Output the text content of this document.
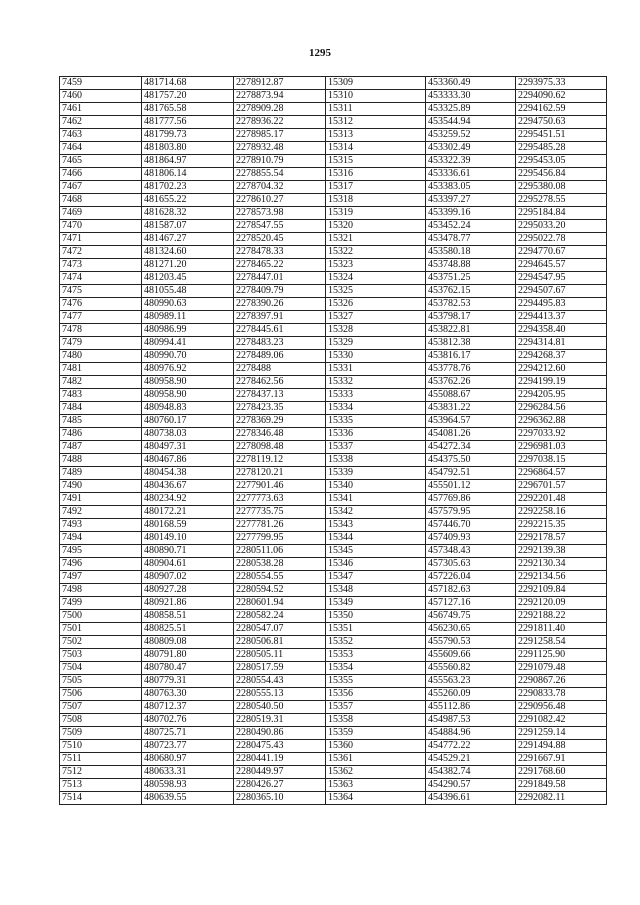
1295
7459	481714.68	2278912.87	15309	453360.49	2293975.33
7460	481757.20	2278873.94	15310	453333.30	2294090.62
7461	481765.58	2278909.28	15311	453325.89	2294162.59
7462	481777.56	2278936.22	15312	453544.94	2294750.63
7463	481799.73	2278985.17	15313	453259.52	2295451.51
7464	481803.80	2278932.48	15314	453302.49	2295485.28
7465	481864.97	2278910.79	15315	453322.39	2295453.05
7466	481806.14	2278855.54	15316	453336.61	2295456.84
7467	481702.23	2278704.32	15317	453383.05	2295380.08
7468	481655.22	2278610.27	15318	453397.27	2295278.55
7469	481628.32	2278573.98	15319	453399.16	2295184.84
7470	481587.07	2278547.55	15320	453452.24	2295033.20
7471	481467.27	2278520.45	15321	453478.77	2295022.78
7472	481324.60	2278478.33	15322	453580.18	2294770.67
7473	481271.20	2278465.22	15323	453748.88	2294645.57
7474	481203.45	2278447.01	15324	453751.25	2294547.95
7475	481055.48	2278409.79	15325	453762.15	2294507.67
7476	480990.63	2278390.26	15326	453782.53	2294495.83
7477	480989.11	2278397.91	15327	453798.17	2294413.37
7478	480986.99	2278445.61	15328	453822.81	2294358.40
7479	480994.41	2278483.23	15329	453812.38	2294314.81
7480	480990.70	2278489.06	15330	453816.17	2294268.37
7481	480976.92	2278488	15331	453778.76	2294212.60
7482	480958.90	2278462.56	15332	453762.26	2294199.19
7483	480958.90	2278437.13	15333	455088.67	2294205.95
7484	480948.83	2278423.35	15334	453831.22	2296284.56
7485	480760.17	2278369.29	15335	453964.57	2296362.88
7486	480738.03	2278346.48	15336	454081.26	2297033.92
7487	480497.31	2278098.48	15337	454272.34	2296981.03
7488	480467.86	2278119.12	15338	454375.50	2297038.15
7489	480454.38	2278120.21	15339	454792.51	2296864.57
7490	480436.67	2277901.46	15340	455501.12	2296701.57
7491	480234.92	2277773.63	15341	457769.86	2292201.48
7492	480172.21	2277735.75	15342	457579.95	2292258.16
7493	480168.59	2277781.26	15343	457446.70	2292215.35
7494	480149.10	2277799.95	15344	457409.93	2292178.57
7495	480890.71	2280511.06	15345	457348.43	2292139.38
7496	480904.61	2280538.28	15346	457305.63	2292130.34
7497	480907.02	2280554.55	15347	457226.04	2292134.56
7498	480927.28	2280594.52	15348	457182.63	2292109.84
7499	480921.86	2280601.94	15349	457127.16	2292120.09
7500	480858.51	2280582.24	15350	456749.75	2292188.22
7501	480825.51	2280547.07	15351	456230.65	2291811.40
7502	480809.08	2280506.81	15352	455790.53	2291258.54
7503	480791.80	2280505.11	15353	455609.66	2291125.90
7504	480780.47	2280517.59	15354	455560.82	2291079.48
7505	480779.31	2280554.43	15355	455563.23	2290867.26
7506	480763.30	2280555.13	15356	455260.09	2290833.78
7507	480712.37	2280540.50	15357	455112.86	2290956.48
7508	480702.76	2280519.31	15358	454987.53	2291082.42
7509	480725.71	2280490.86	15359	454884.96	2291259.14
7510	480723.77	2280475.43	15360	454772.22	2291494.88
7511	480680.97	2280441.19	15361	454529.21	2291667.91
7512	480633.31	2280449.97	15362	454382.74	2291768.60
7513	480598.93	2280426.27	15363	454290.57	2291849.58
7514	480639.55	2280365.10	15364	454396.61	2292082.11
